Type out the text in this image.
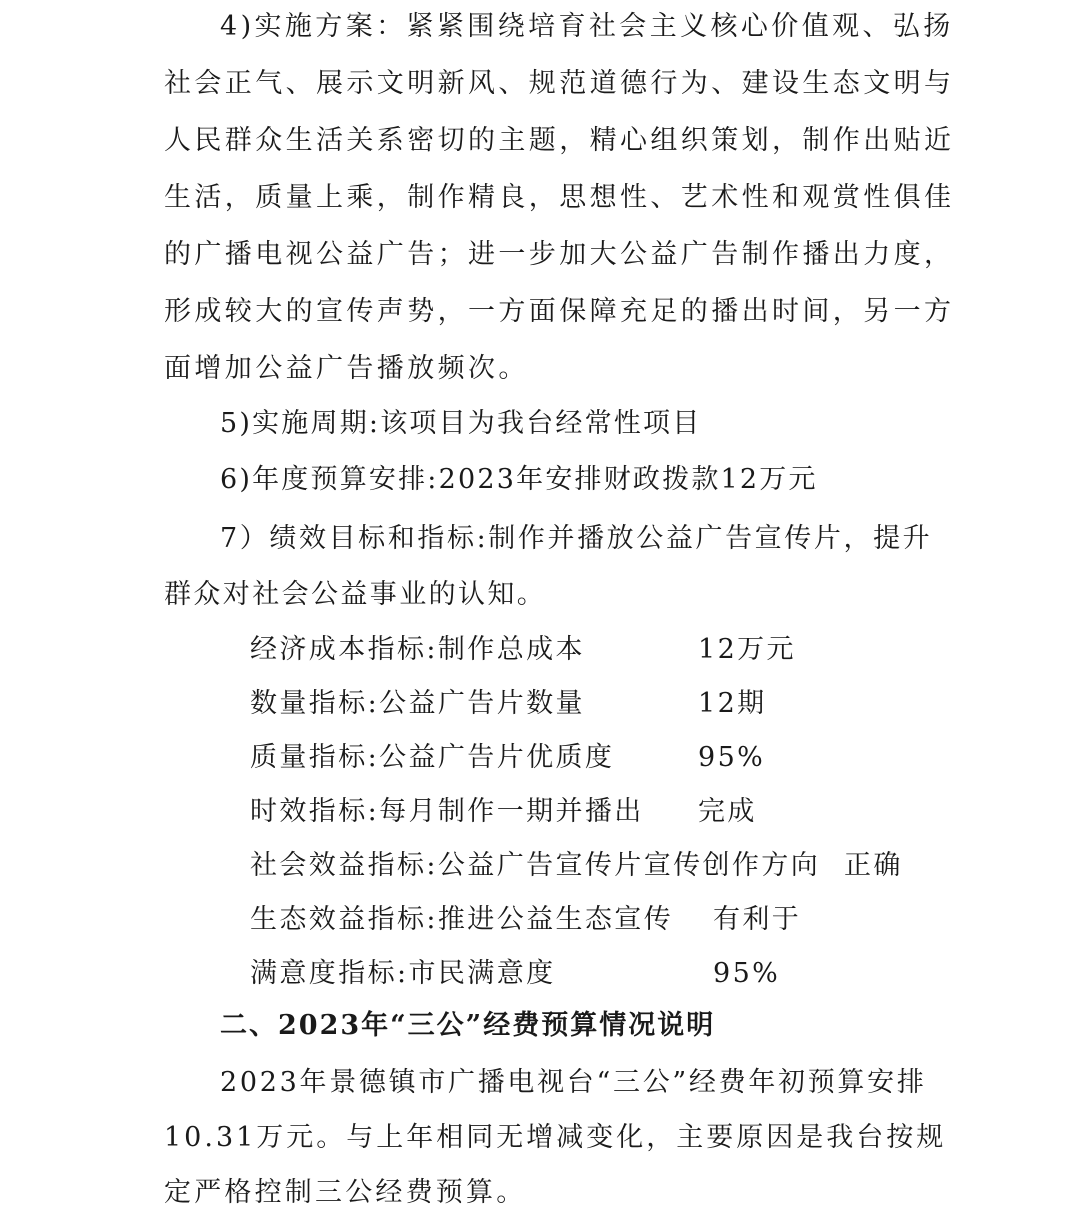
4)实施方案：紧紧围绕培育社会主义核心价值观、弘扬
社会正气、展示文明新风、规范道德行为、建设生态文明与
人民群众生活关系密切的主题，精心组织策划，制作出贴近
生活，质量上乘，制作精良，思想性、艺术性和观赏性俱佳
的广播电视公益广告；进一步加大公益广告制作播出力度，
形成较大的宣传声势，一方面保障充足的播出时间，另一方
面增加公益广告播放频次。
5)实施周期:该项目为我台经常性项目
6)年度预算安排:2023年安排财政拨款12万元
7）绩效目标和指标:制作并播放公益广告宣传片，提升
群众对社会公益事业的认知。
经济成本指标:制作总成本	12万元
数量指标:公益广告片数量	12期
质量指标:公益广告片优质度	95%
时效指标:每月制作一期并播出 完成
社会效益指标:公益广告宣传片宣传创作方向 正确
生态效益指标:推进公益生态宣传 有利于
满意度指标:市民满意度	95%
二、2023年“三公”经费预算情况说明
2023年景德镇市广播电视台“三公”经费年初预算安排
10.31万元。与上年相同无增减变化，主要原因是我台按规
定严格控制三公经费预算。
